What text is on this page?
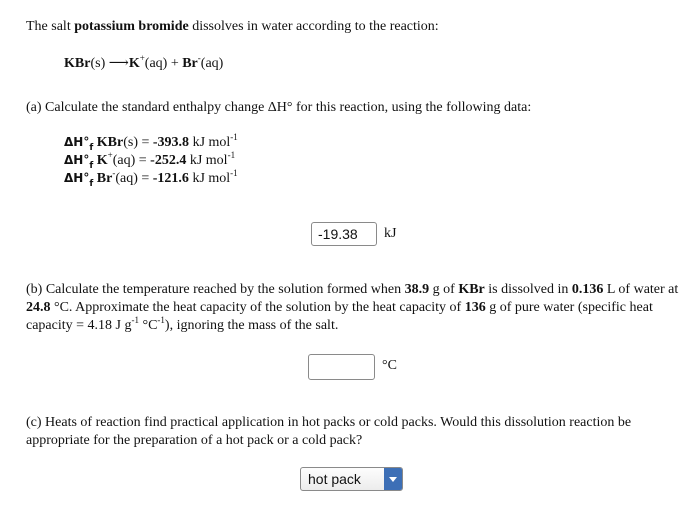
The salt potassium bromide dissolves in water according to the reaction:
KBr(s) ⟶K+(aq) + Br-(aq)
(a) Calculate the standard enthalpy change ΔH° for this reaction, using the following data:
$\Delta H^\circ_f$ KBr(s) = -393.8 kJ mol$^{-1}$
$\Delta H^\circ_f$ K+(aq) = -252.4 kJ mol$^{-1}$
$\Delta H^\circ_f$ Br-(aq) = -121.6 kJ mol$^{-1}$
-19.38	kJ
(b) Calculate the temperature reached by the solution formed when 38.9 g of KBr is dissolved in 0.136 L of water at
24.8 °C. Approximate the heat capacity of the solution by the heat capacity of 136 g of pure water (specific heat
capacity = 4.18 J $g^{-1}$ $^\circ C^{-1}$), ignoring the mass of the salt.
°C
(c) Heats of reaction find practical application in hot packs or cold packs. Would this dissolution reaction be
appropriate for the preparation of a hot pack or a cold pack?
hot pack
